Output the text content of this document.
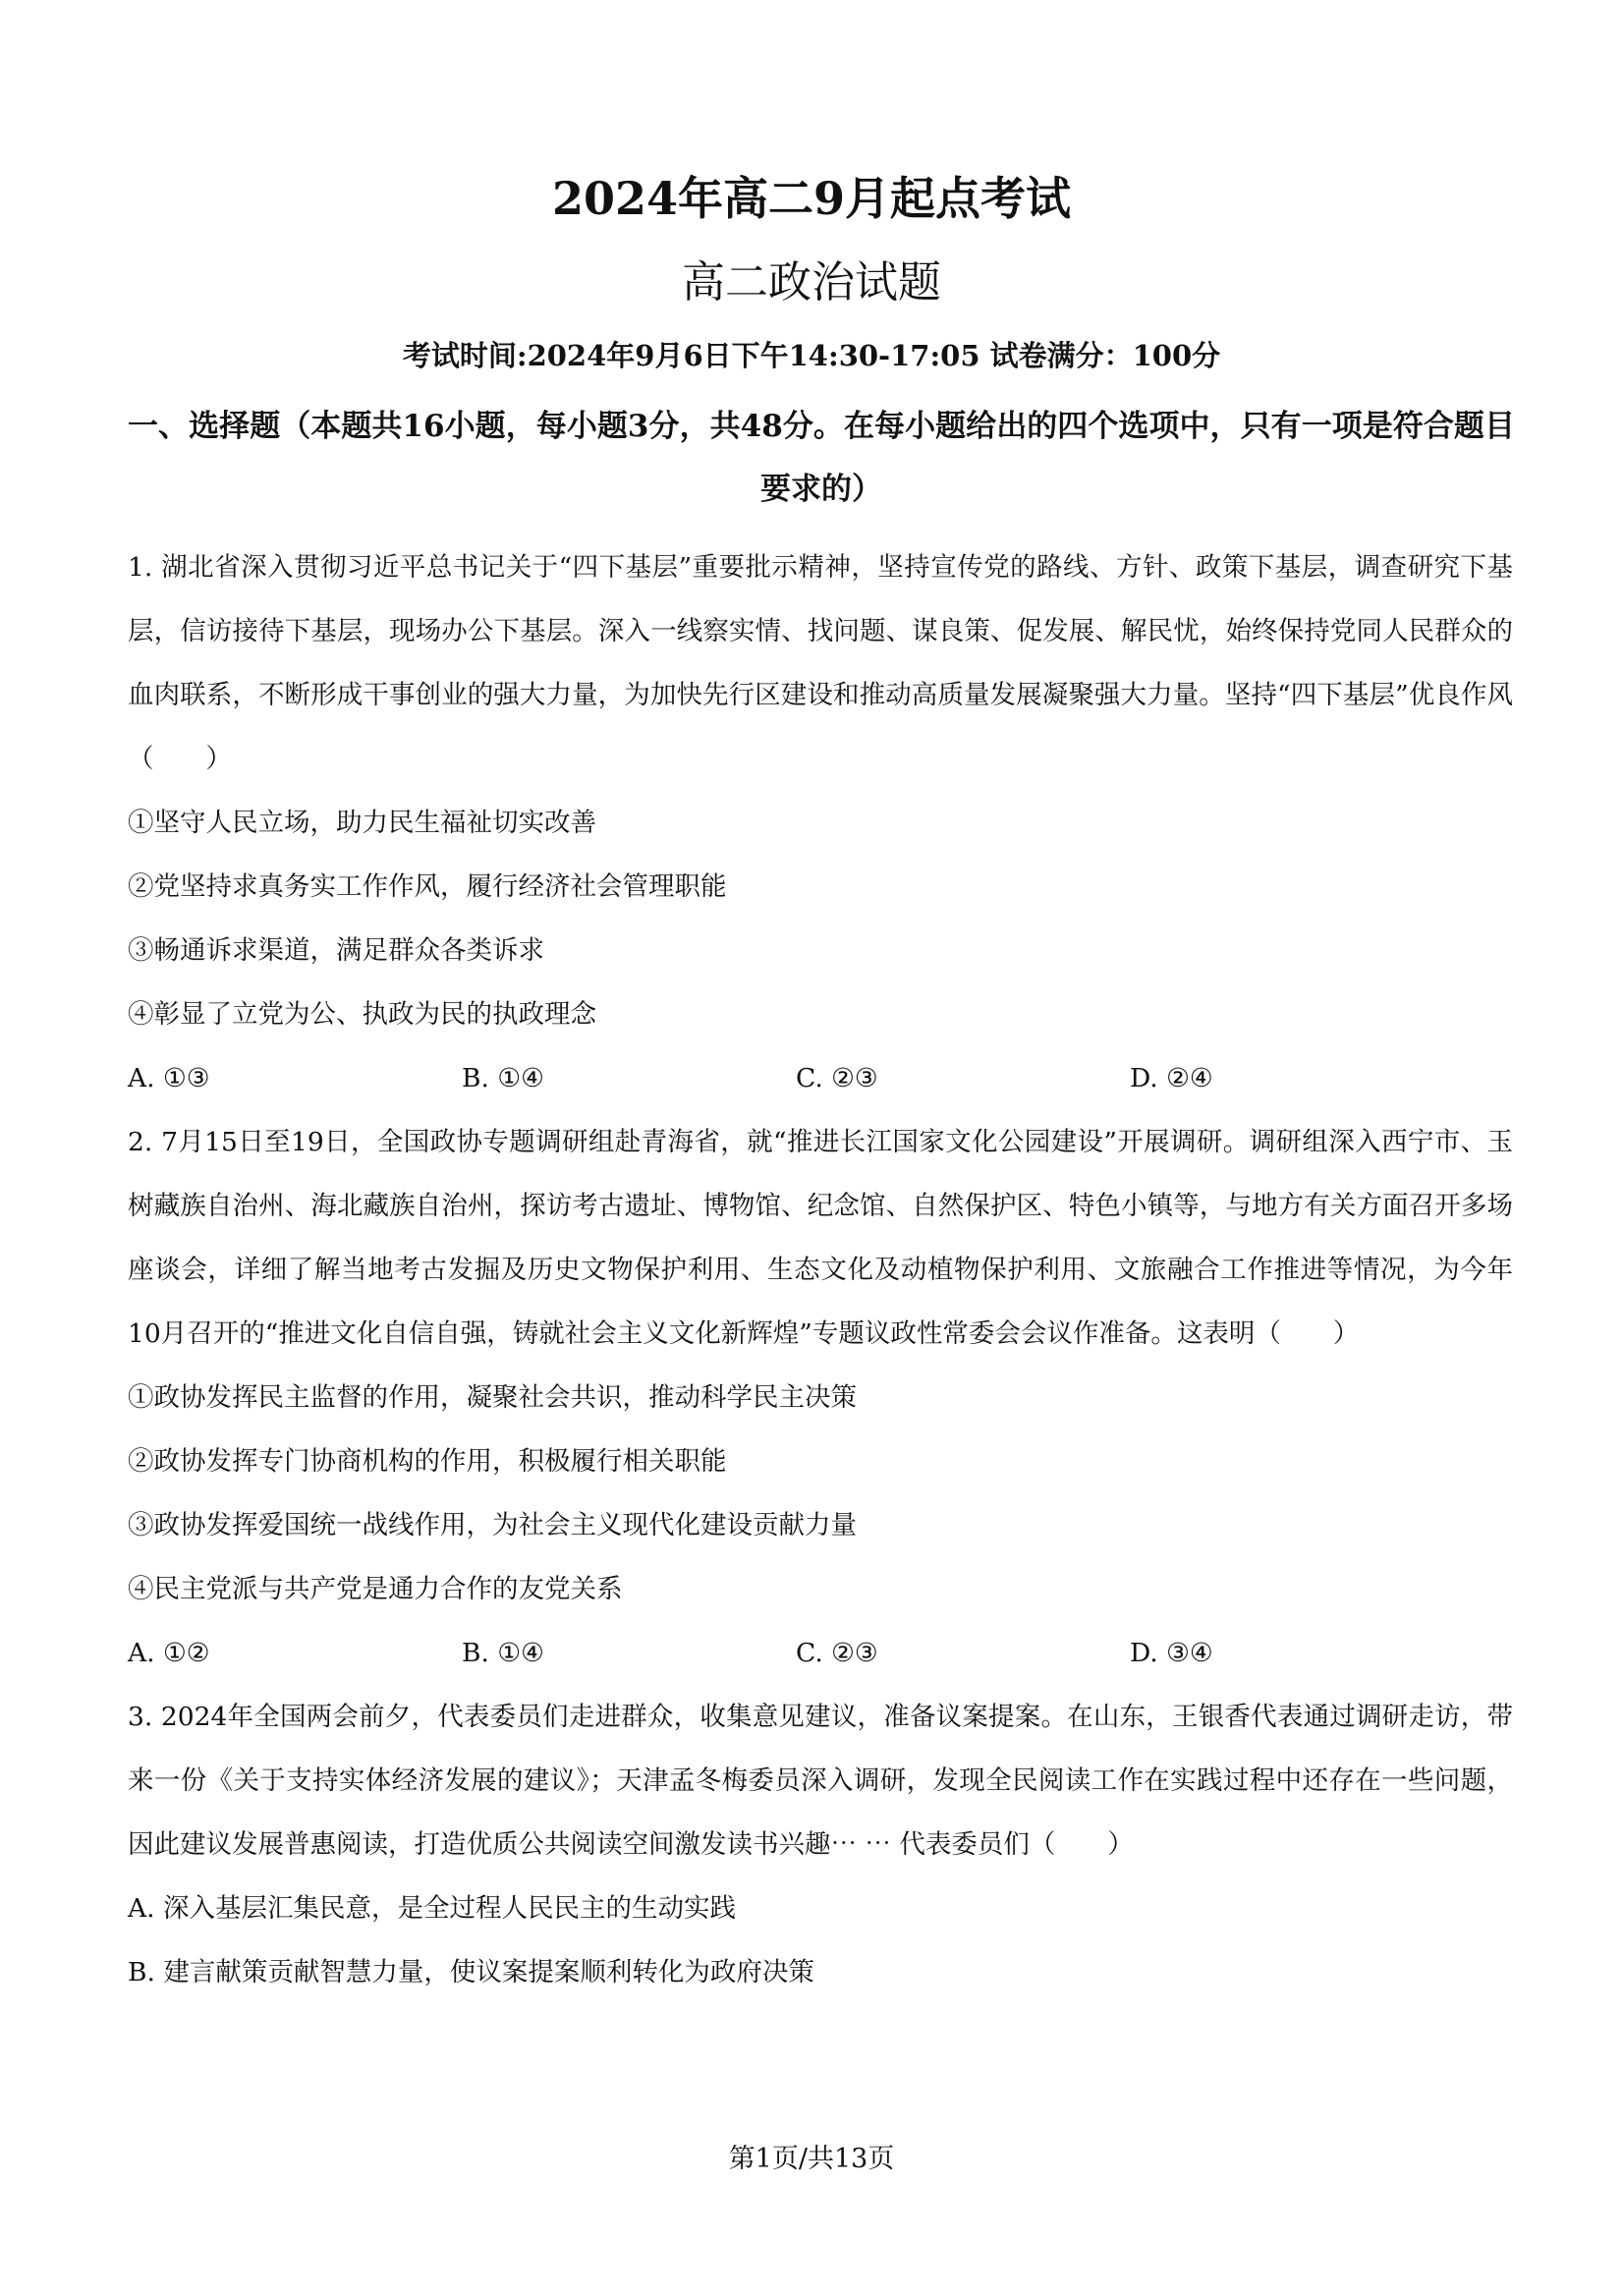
2024年高二9月起点考试
高二政治试题
考试时间:2024年9月6日下午14:30-17:05 试卷满分：100分
一、选择题（本题共16小题，每小题3分，共48分。在每小题给出的四个选项中，只有一项是符合题目要求的）

1. 湖北省深入贯彻习近平总书记关于“四下基层”重要批示精神，坚持宣传党的路线、方针、政策下基层，调查研究下基层，信访接待下基层，现场办公下基层。深入一线察实情、找问题、谋良策、促发展、解民忧，始终保持党同人民群众的血肉联系，不断形成干事创业的强大力量，为加快先行区建设和推动高质量发展凝聚强大力量。坚持“四下基层”优良作风（　　）

①坚守人民立场，助力民生福祉切实改善

②党坚持求真务实工作作风，履行经济社会管理职能

③畅通诉求渠道，满足群众各类诉求

④彰显了立党为公、执政为民的执政理念

A. ①③	B. ①④	C. ②③	D. ②④

2. 7月15日至19日，全国政协专题调研组赴青海省，就“推进长江国家文化公园建设”开展调研。调研组深入西宁市、玉树藏族自治州、海北藏族自治州，探访考古遗址、博物馆、纪念馆、自然保护区、特色小镇等，与地方有关方面召开多场座谈会，详细了解当地考古发掘及历史文物保护利用、生态文化及动植物保护利用、文旅融合工作推进等情况，为今年10月召开的“推进文化自信自强，铸就社会主义文化新辉煌”专题议政性常委会会议作准备。这表明（　　）

①政协发挥民主监督的作用，凝聚社会共识，推动科学民主决策

②政协发挥专门协商机构的作用，积极履行相关职能

③政协发挥爱国统一战线作用，为社会主义现代化建设贡献力量

④民主党派与共产党是通力合作的友党关系

A. ①②	B. ①④	C. ②③	D. ③④

3. 2024年全国两会前夕，代表委员们走进群众，收集意见建议，准备议案提案。在山东，王银香代表通过调研走访，带来一份《关于支持实体经济发展的建议》；天津孟冬梅委员深入调研，发现全民阅读工作在实践过程中还存在一些问题，因此建议发展普惠阅读，打造优质公共阅读空间激发读书兴趣⋯ ⋯ 代表委员们（　　）

A. 深入基层汇集民意，是全过程人民民主的生动实践

B. 建言献策贡献智慧力量，使议案提案顺利转化为政府决策

第1页/共13页
